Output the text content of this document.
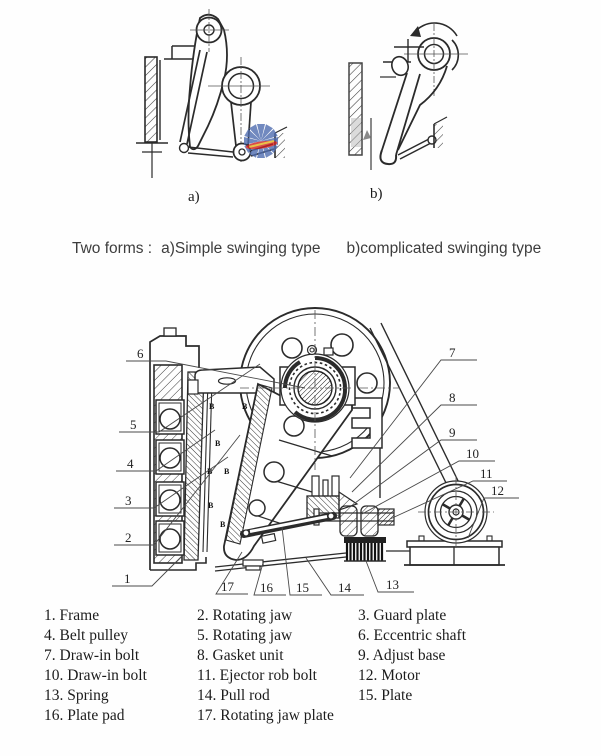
a)	b)
Two forms : a)Simple swinging type b)complicated swinging type
B	B
B
B B
B
B
1
2
3
4
5
6	7
8
9
10
11
12
13
14
15
16
17
1. Frame	2. Rotating jaw	3. Guard plate
4. Belt pulley	5. Rotating jaw	6. Eccentric shaft
7. Draw-in bolt	8. Gasket unit	9. Adjust base
10. Draw-in bolt	11. Ejector rob bolt	12. Motor
13. Spring	14. Pull rod	15. Plate
16. Plate pad	17. Rotating jaw plate
